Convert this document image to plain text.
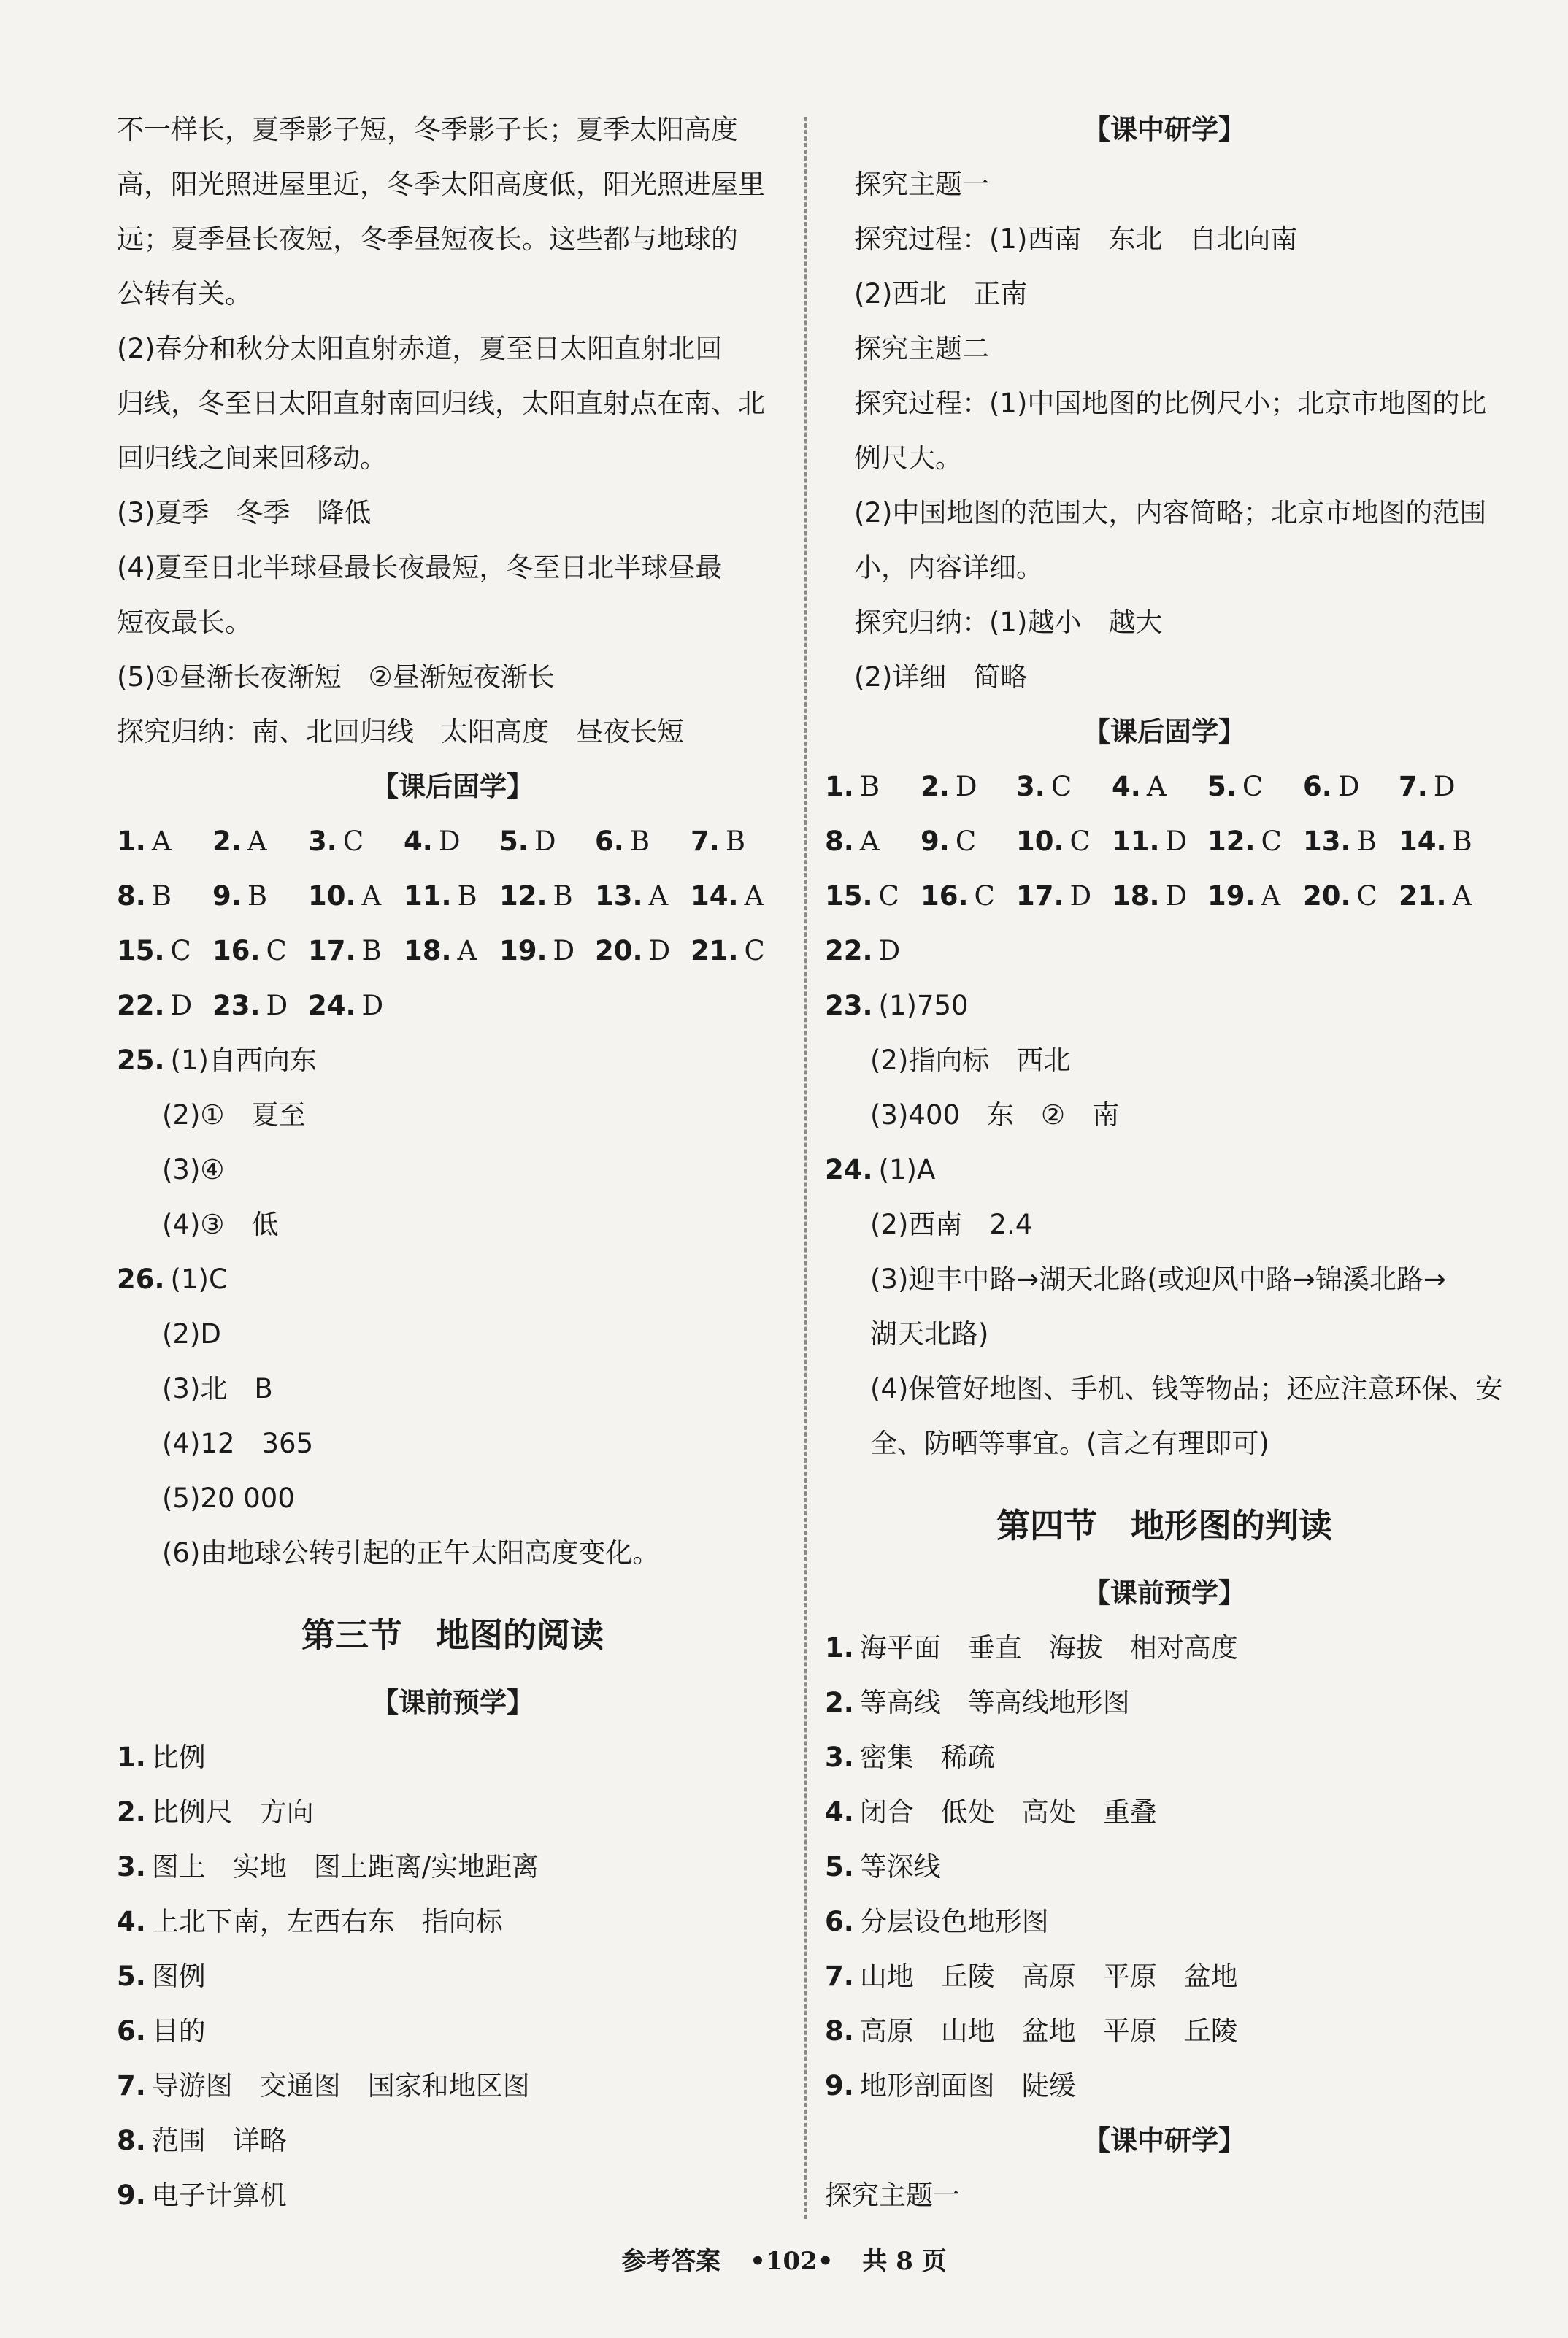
不一样长，夏季影子短，冬季影子长；夏季太阳高度
高，阳光照进屋里近，冬季太阳高度低，阳光照进屋里
远；夏季昼长夜短，冬季昼短夜长。这些都与地球的
公转有关。
(2)春分和秋分太阳直射赤道，夏至日太阳直射北回
归线，冬至日太阳直射南回归线，太阳直射点在南、北
回归线之间来回移动。
(3)夏季　冬季　降低
(4)夏至日北半球昼最长夜最短，冬至日北半球昼最
短夜最长。
(5)①昼渐长夜渐短　②昼渐短夜渐长
探究归纳：南、北回归线　太阳高度　昼夜长短
【课后固学】
1. A	2. A	3. C	4. D	5. D	6. B	7. B
8. B	9. B	10. A 11. B 12. B 13. A 14. A
15. C 16. C 17. B 18. A 19. D 20. D 21. C
22. D 23. D 24. D
25. (1)自西向东
(2)①　夏至
(3)④
(4)③　低
26. (1)C
(2)D
(3)北　B
(4)12　365
(5)20 000
(6)由地球公转引起的正午太阳高度变化。
第三节　地图的阅读
【课前预学】
1. 比例
2. 比例尺　方向
3. 图上　实地　图上距离/实地距离
4. 上北下南，左西右东　指向标
5. 图例
6. 目的
7. 导游图　交通图　国家和地区图
8. 范围　详略
9. 电子计算机
【课中研学】
探究主题一
探究过程：(1)西南　东北　自北向南
(2)西北　正南
探究主题二
探究过程：(1)中国地图的比例尺小；北京市地图的比
例尺大。
(2)中国地图的范围大，内容简略；北京市地图的范围
小，内容详细。
探究归纳：(1)越小　越大
(2)详细　简略
【课后固学】
1. B	2. D	3. C	4. A	5. C	6. D	7. D
8. A	9. C	10. C 11. D 12. C 13. B 14. B
15. C 16. C 17. D 18. D 19. A 20. C 21. A
22. D
23. (1)750
(2)指向标　西北
(3)400　东　②　南
24. (1)A
(2)西南　2.4
(3)迎丰中路→湖天北路(或迎风中路→锦溪北路→
湖天北路)
(4)保管好地图、手机、钱等物品；还应注意环保、安
全、防晒等事宜。(言之有理即可)
第四节　地形图的判读
【课前预学】
1. 海平面　垂直　海拔　相对高度
2. 等高线　等高线地形图
3. 密集　稀疏
4. 闭合　低处　高处　重叠
5. 等深线
6. 分层设色地形图
7. 山地　丘陵　高原　平原　盆地
8. 高原　山地　盆地　平原　丘陵
9. 地形剖面图　陡缓
【课中研学】
探究主题一
参考答案 •102• 共 8 页
